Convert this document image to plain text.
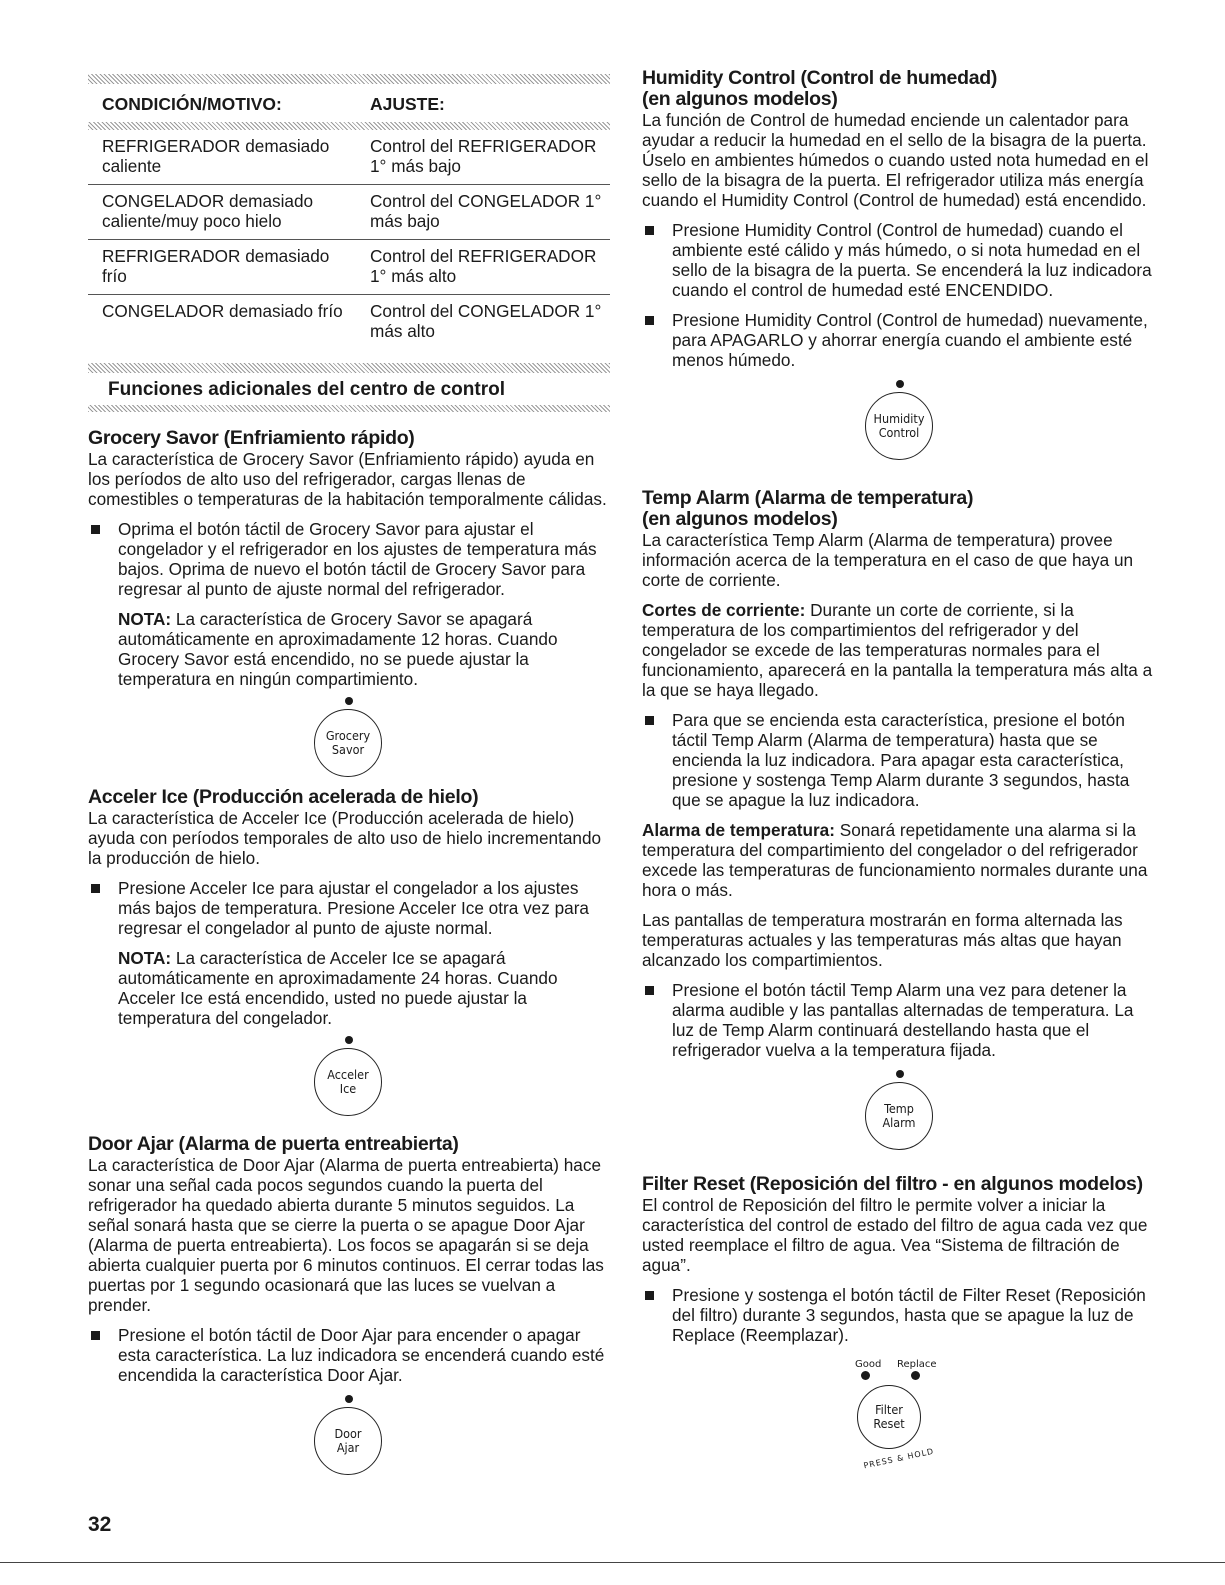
CONDICIÓN/MOTIVO:	AJUSTE:

REFRIGERADOR demasiado caliente	Control del REFRIGERADOR 1° más bajo
CONGELADOR demasiado caliente/muy poco hielo	Control del CONGELADOR 1° más bajo
REFRIGERADOR demasiado frío	Control del REFRIGERADOR 1° más alto
CONGELADOR demasiado frío	Control del CONGELADOR 1° más alto
Funciones adicionales del centro de control
Grocery Savor (Enfriamiento rápido)

La característica de Grocery Savor (Enfriamiento rápido) ayuda en los períodos de alto uso del refrigerador, cargas llenas de comestibles o temperaturas de la habitación temporalmente cálidas.

Oprima el botón táctil de Grocery Savor para ajustar el congelador y el refrigerador en los ajustes de temperatura más bajos. Oprima de nuevo el botón táctil de Grocery Savor para regresar al punto de ajuste normal del refrigerador.
NOTA: La característica de Grocery Savor se apagará automáticamente en aproximadamente 12 horas. Cuando Grocery Savor está encendido, no se puede ajustar la temperatura en ningún compartimiento.
Grocery
Savor
Acceler Ice (Producción acelerada de hielo)

La característica de Acceler Ice (Producción acelerada de hielo) ayuda con períodos temporales de alto uso de hielo incrementando la producción de hielo.

Presione Acceler Ice para ajustar el congelador a los ajustes más bajos de temperatura. Presione Acceler Ice otra vez para regresar el congelador al punto de ajuste normal.
NOTA: La característica de Acceler Ice se apagará automáticamente en aproximadamente 24 horas. Cuando Acceler Ice está encendido, usted no puede ajustar la temperatura del congelador.
Acceler
Ice
Door Ajar (Alarma de puerta entreabierta)

La característica de Door Ajar (Alarma de puerta entreabierta) hace sonar una señal cada pocos segundos cuando la puerta del refrigerador ha quedado abierta durante 5 minutos seguidos. La señal sonará hasta que se cierre la puerta o se apague Door Ajar (Alarma de puerta entreabierta). Los focos se apagarán si se deja abierta cualquier puerta por 6 minutos continuos. El cerrar todas las puertas por 1 segundo ocasionará que las luces se vuelvan a prender.

Presione el botón táctil de Door Ajar para encender o apagar esta característica. La luz indicadora se encenderá cuando esté encendida la característica Door Ajar.
Door
Ajar
Humidity Control (Control de humedad)
(en algunos modelos)

La función de Control de humedad enciende un calentador para ayudar a reducir la humedad en el sello de la bisagra de la puerta. Úselo en ambientes húmedos o cuando usted nota humedad en el sello de la bisagra de la puerta. El refrigerador utiliza más energía cuando el Humidity Control (Control de humedad) está encendido.

Presione Humidity Control (Control de humedad) cuando el ambiente esté cálido y más húmedo, o si nota humedad en el sello de la bisagra de la puerta. Se encenderá la luz indicadora cuando el control de humedad esté ENCENDIDO.
Presione Humidity Control (Control de humedad) nuevamente, para APAGARLO y ahorrar energía cuando el ambiente esté menos húmedo.
Humidity
Control
Temp Alarm (Alarma de temperatura)
(en algunos modelos)

La característica Temp Alarm (Alarma de temperatura) provee información acerca de la temperatura en el caso de que haya un corte de corriente.

Cortes de corriente: Durante un corte de corriente, si la temperatura de los compartimientos del refrigerador y del congelador se excede de las temperaturas normales para el funcionamiento, aparecerá en la pantalla la temperatura más alta a la que se haya llegado.

Para que se encienda esta característica, presione el botón táctil Temp Alarm (Alarma de temperatura) hasta que se encienda la luz indicadora. Para apagar esta característica, presione y sostenga Temp Alarm durante 3 segundos, hasta que se apague la luz indicadora.

Alarma de temperatura: Sonará repetidamente una alarma si la temperatura del compartimiento del congelador o del refrigerador excede las temperaturas de funcionamiento normales durante una hora o más.

Las pantallas de temperatura mostrarán en forma alternada las temperaturas actuales y las temperaturas más altas que hayan alcanzado los compartimientos.

Presione el botón táctil Temp Alarm una vez para detener la alarma audible y las pantallas alternadas de temperatura. La luz de Temp Alarm continuará destellando hasta que el refrigerador vuelva a la temperatura fijada.
Temp
Alarm
Filter Reset (Reposición del filtro - en algunos modelos)

El control de Reposición del filtro le permite volver a iniciar la característica del control de estado del filtro de agua cada vez que usted reemplace el filtro de agua. Vea “Sistema de filtración de agua”.

Presione y sostenga el botón táctil de Filter Reset (Reposición del filtro) durante 3 segundos, hasta que se apague la luz de Replace (Reemplazar).
Good Replace
Filter
Reset
PRESS & HOLD
32
